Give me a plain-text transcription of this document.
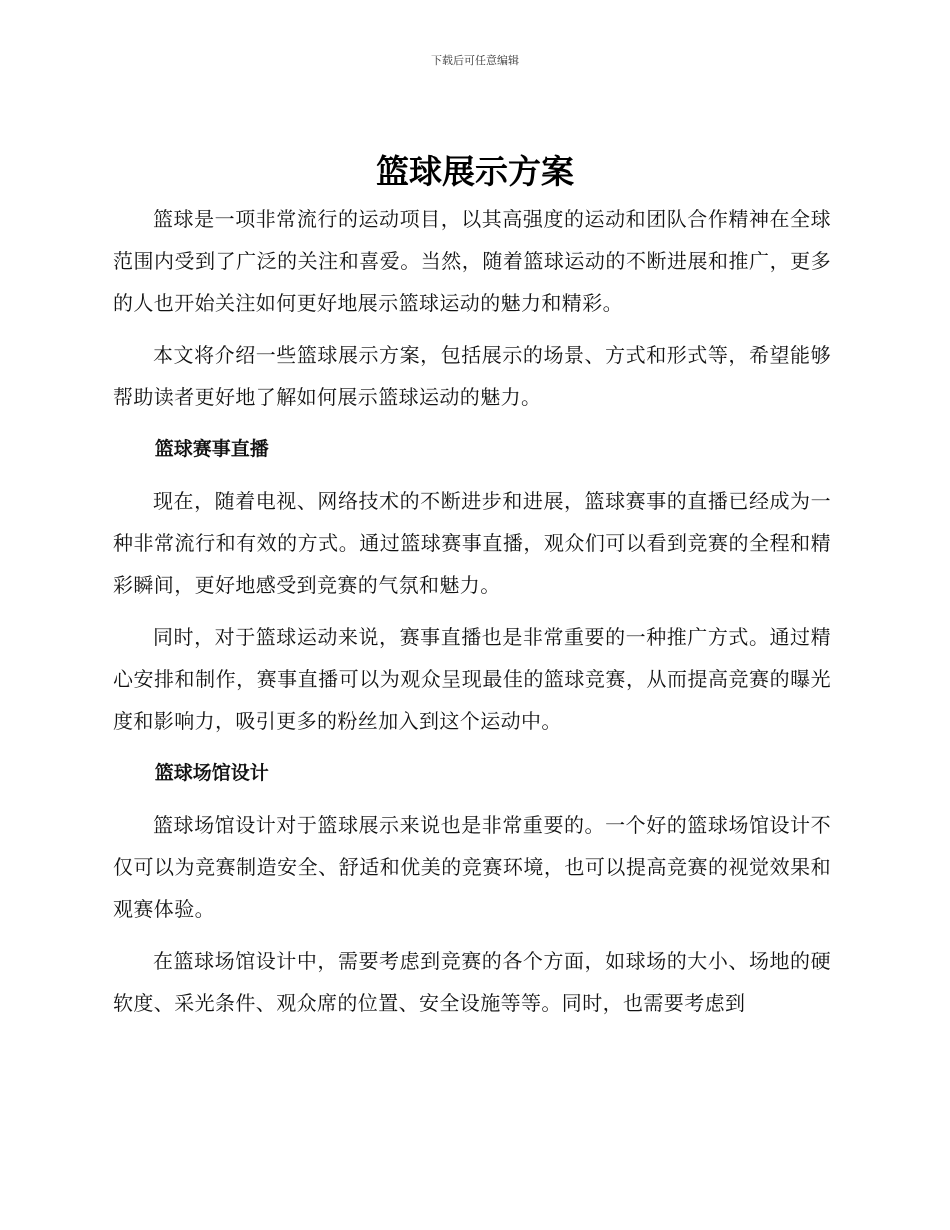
下载后可任意编辑
篮球展示方案

篮球是一项非常流行的运动项目，以其高强度的运动和团队合作精神在全球范围内受到了广泛的关注和喜爱。当然，随着篮球运动的不断进展和推广，更多的人也开始关注如何更好地展示篮球运动的魅力和精彩。

本文将介绍一些篮球展示方案，包括展示的场景、方式和形式等，希望能够帮助读者更好地了解如何展示篮球运动的魅力。

篮球赛事直播

现在，随着电视、网络技术的不断进步和进展，篮球赛事的直播已经成为一种非常流行和有效的方式。通过篮球赛事直播，观众们可以看到竞赛的全程和精彩瞬间，更好地感受到竞赛的气氛和魅力。

同时，对于篮球运动来说，赛事直播也是非常重要的一种推广方式。通过精心安排和制作，赛事直播可以为观众呈现最佳的篮球竞赛，从而提高竞赛的曝光度和影响力，吸引更多的粉丝加入到这个运动中。

篮球场馆设计

篮球场馆设计对于篮球展示来说也是非常重要的。一个好的篮球场馆设计不仅可以为竞赛制造安全、舒适和优美的竞赛环境，也可以提高竞赛的视觉效果和观赛体验。

在篮球场馆设计中，需要考虑到竞赛的各个方面，如球场的大小、场地的硬软度、采光条件、观众席的位置、安全设施等等。同时，也需要考虑到
